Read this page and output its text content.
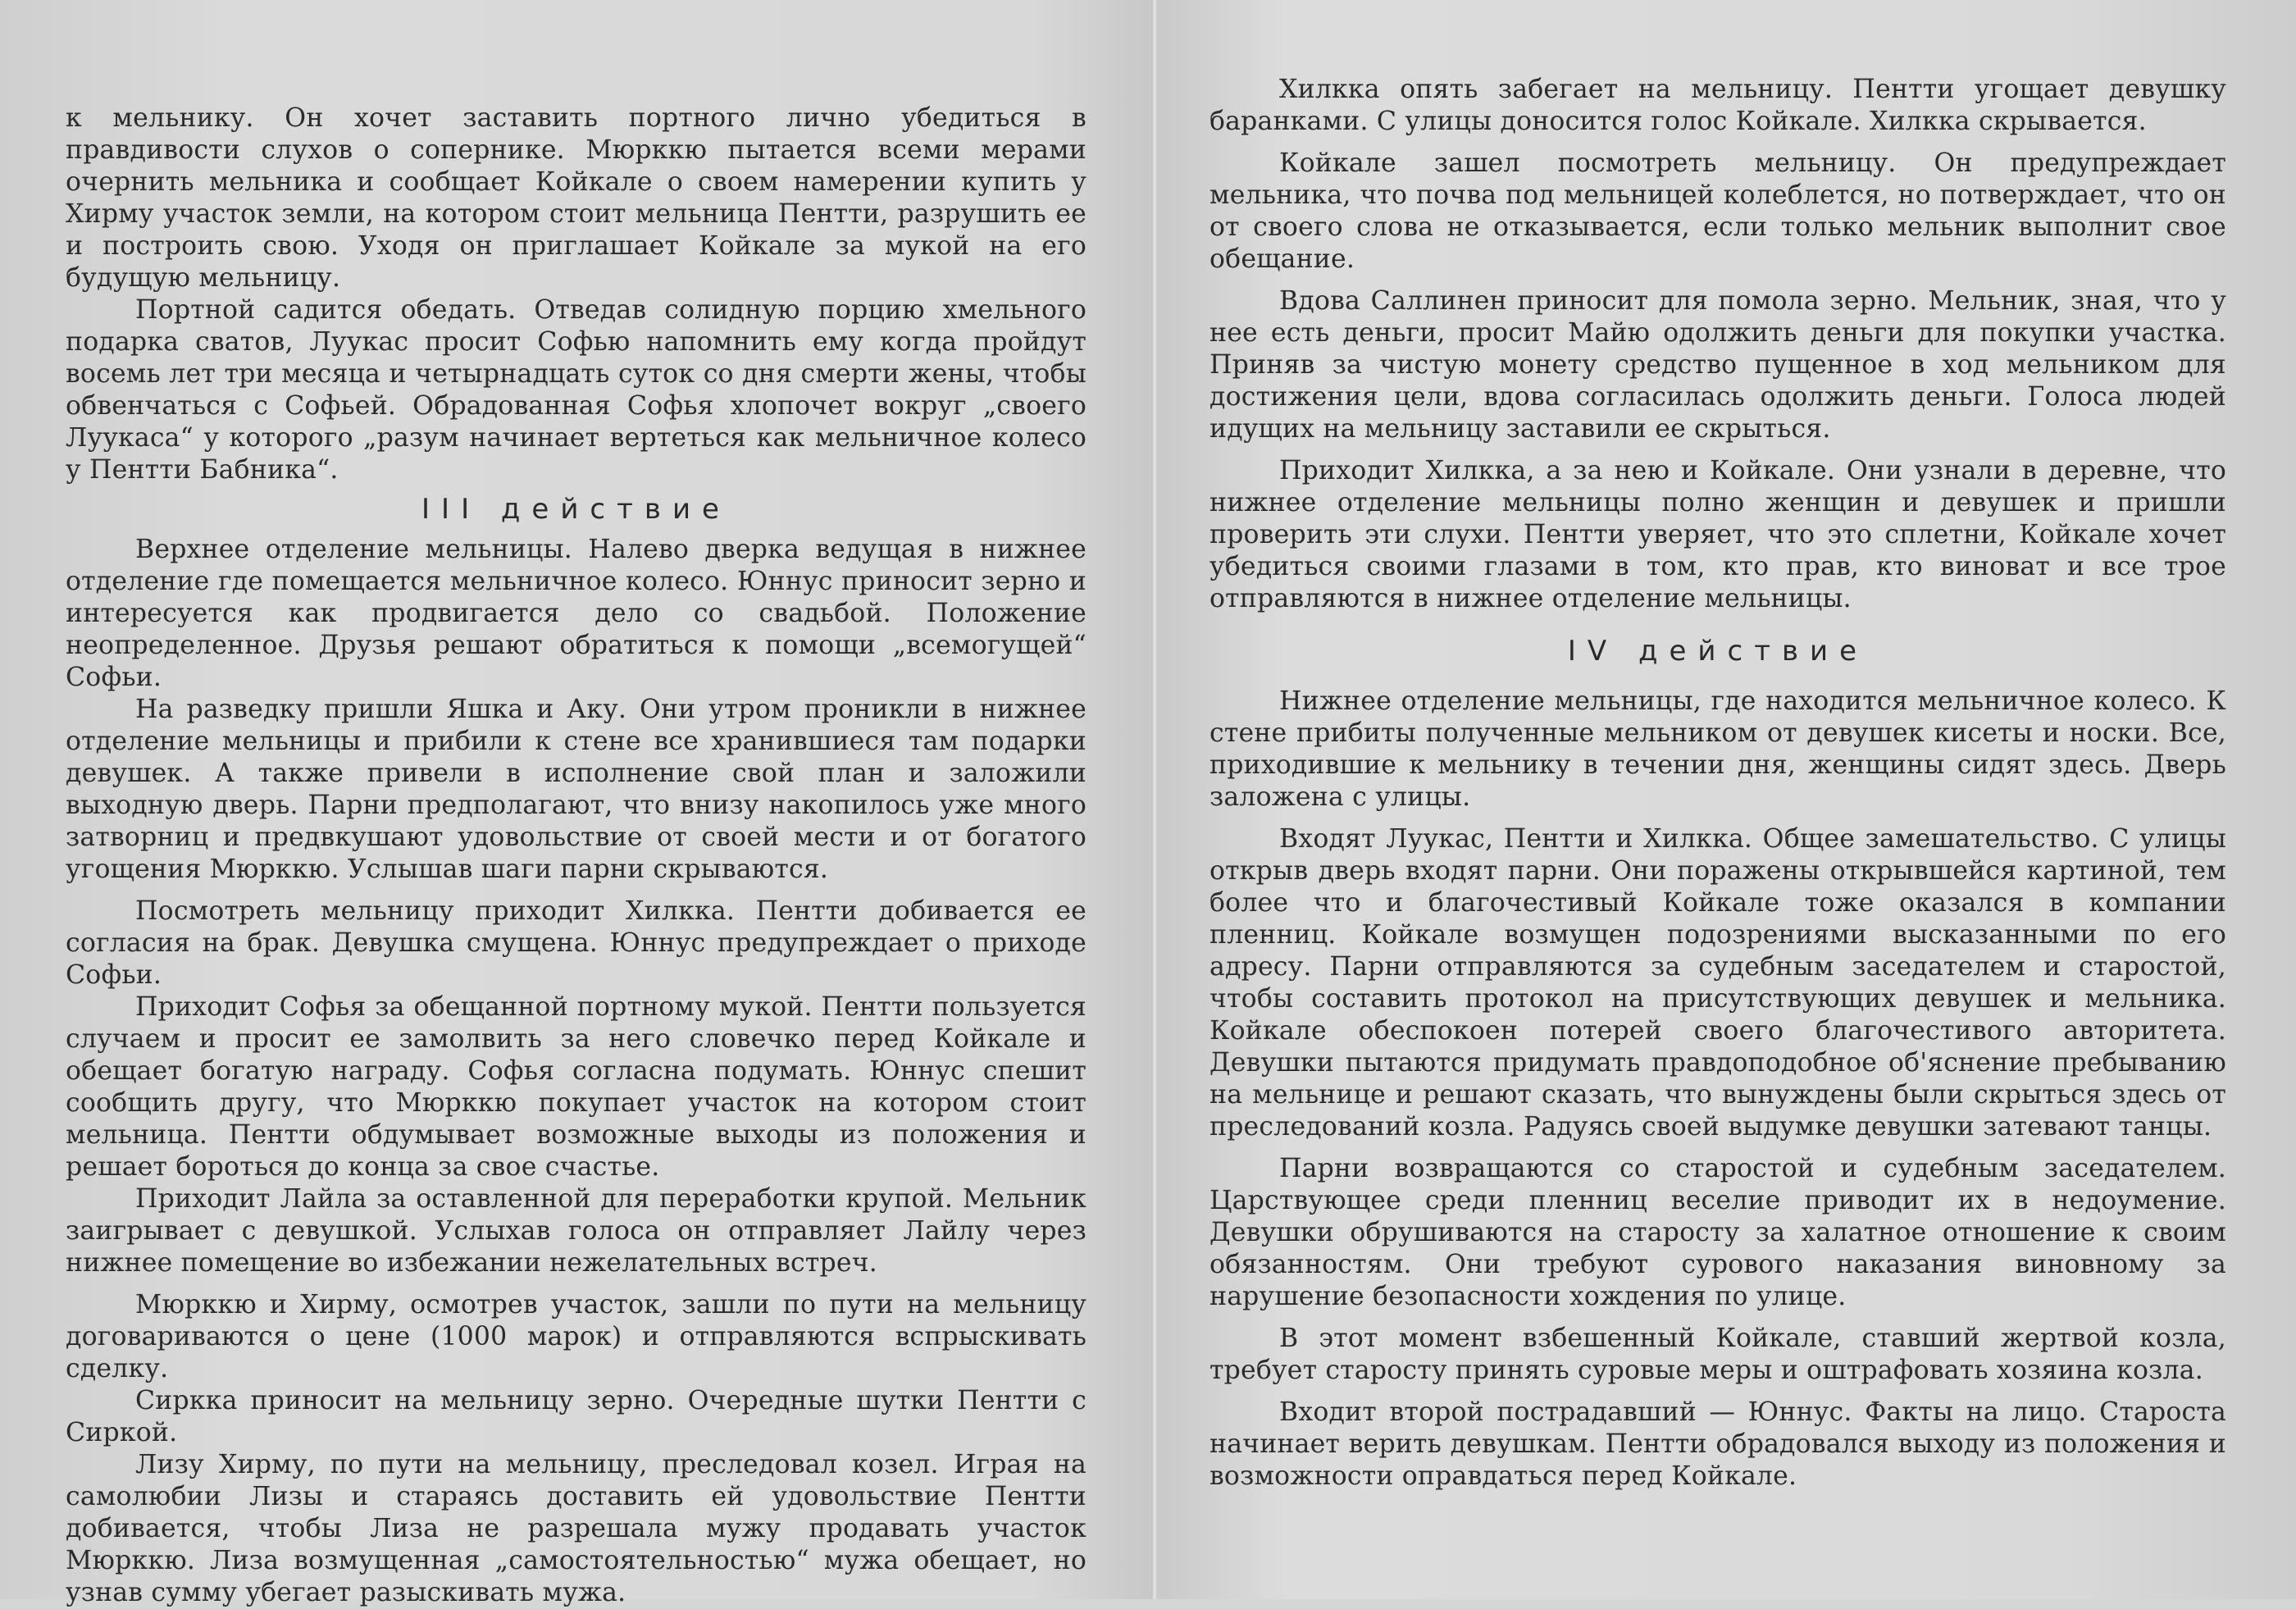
к мельнику. Он хочет заставить портного лично убедиться в правдивости слухов о сопернике. Мюрккю пытается всеми мерами очернить мельника и сообщает Койкале о своем намерении купить у Хирму участок земли, на котором стоит мельница Пентти, разрушить ее и построить свою. Уходя он приглашает Койкале за мукой на его будущую мельницу.

Портной садится обедать. Отведав солидную порцию хмельного подарка сватов, Луукас просит Софью напомнить ему когда пройдут восемь лет три месяца и четырнадцать суток со дня смерти жены, чтобы обвенчаться с Софьей. Обрадованная Софья хлопочет вокруг „своего Луукаса“ у которого „разум начинает вертеться как мельничное колесо у Пентти Бабника“.

III действие

Верхнее отделение мельницы. Налево дверка ведущая в нижнее отделение где помещается мельничное колесо. Юннус приносит зерно и интересуется как продвигается дело со свадьбой. Положение неопределенное. Друзья решают обратиться к помощи „всемогущей“ Софьи.

На разведку пришли Яшка и Аку. Они утром проникли в нижнее отделение мельницы и прибили к стене все хранившиеся там подарки девушек. А также привели в исполнение свой план и заложили выходную дверь. Парни предполагают, что внизу накопилось уже много затворниц и предвкушают удовольствие от своей мести и от богатого угощения Мюрккю. Услышав шаги парни скрываются.

Посмотреть мельницу приходит Хилкка. Пентти добивается ее согласия на брак. Девушка смущена. Юннус предупреждает о приходе Софьи.

Приходит Софья за обещанной портному мукой. Пентти пользуется случаем и просит ее замолвить за него словечко перед Койкале и обещает богатую награду. Софья согласна подумать. Юннус спешит сообщить другу, что Мюрккю покупает участок на котором стоит мельница. Пентти обдумывает возможные выходы из положения и решает бороться до конца за свое счастье.

Приходит Лайла за оставленной для переработки крупой. Мельник заигрывает с девушкой. Услыхав голоса он отправляет Лайлу через нижнее помещение во избежании нежелательных встреч.

Мюрккю и Хирму, осмотрев участок, зашли по пути на мельницу договариваются о цене (1000 марок) и отправляются вспрыскивать сделку.

Сиркка приносит на мельницу зерно. Очередные шутки Пентти с Сиркой.

Лизу Хирму, по пути на мельницу, преследовал козел. Играя на самолюбии Лизы и стараясь доставить ей удовольствие Пентти добивается, чтобы Лиза не разрешала мужу продавать участок Мюрккю. Лиза возмущенная „самостоятельностью“ мужа обещает, но узнав сумму убегает разыскивать мужа.

Хилкка опять забегает на мельницу. Пентти угощает девушку баранками. С улицы доносится голос Койкале. Хилкка скрывается.

Койкале зашел посмотреть мельницу. Он предупреждает мельника, что почва под мельницей колеблется, но потверждает, что он от своего слова не отказывается, если только мельник выполнит свое обещание.

Вдова Саллинен приносит для помола зерно. Мельник, зная, что у нее есть деньги, просит Майю одолжить деньги для покупки участка. Приняв за чистую монету средство пущенное в ход мельником для достижения цели, вдова согласилась одолжить деньги. Голоса людей идущих на мельницу заставили ее скрыться.

Приходит Хилкка, а за нею и Койкале. Они узнали в деревне, что нижнее отделение мельницы полно женщин и девушек и пришли проверить эти слухи. Пентти уверяет, что это сплетни, Койкале хочет убедиться своими глазами в том, кто прав, кто виноват и все трое отправляются в нижнее отделение мельницы.

IV действие

Нижнее отделение мельницы, где находится мельничное колесо. К стене прибиты полученные мельником от девушек кисеты и носки. Все, приходившие к мельнику в течении дня, женщины сидят здесь. Дверь заложена с улицы.

Входят Луукас, Пентти и Хилкка. Общее замешательство. С улицы открыв дверь входят парни. Они поражены открывшейся картиной, тем более что и благочестивый Койкале тоже оказался в компании пленниц. Койкале возмущен подозрениями высказанными по его адресу. Парни отправляются за судебным заседателем и старостой, чтобы составить протокол на присутствующих девушек и мельника. Койкале обеспокоен потерей своего благочестивого авторитета. Девушки пытаются придумать правдоподобное об'яснение пребыванию на мельнице и решают сказать, что вынуждены были скрыться здесь от преследований козла. Радуясь своей выдумке девушки затевают танцы.

Парни возвращаются со старостой и судебным заседателем. Царствующее среди пленниц веселие приводит их в недоумение. Девушки обрушиваются на старосту за халатное отношение к своим обязанностям. Они требуют сурового наказания виновному за нарушение безопасности хождения по улице.

В этот момент взбешенный Койкале, ставший жертвой козла, требует старосту принять суровые меры и оштрафовать хозяина козла.

Входит второй пострадавший — Юннус. Факты на лицо. Староста начинает верить девушкам. Пентти обрадовался выходу из положения и возможности оправдаться перед Койкале.
